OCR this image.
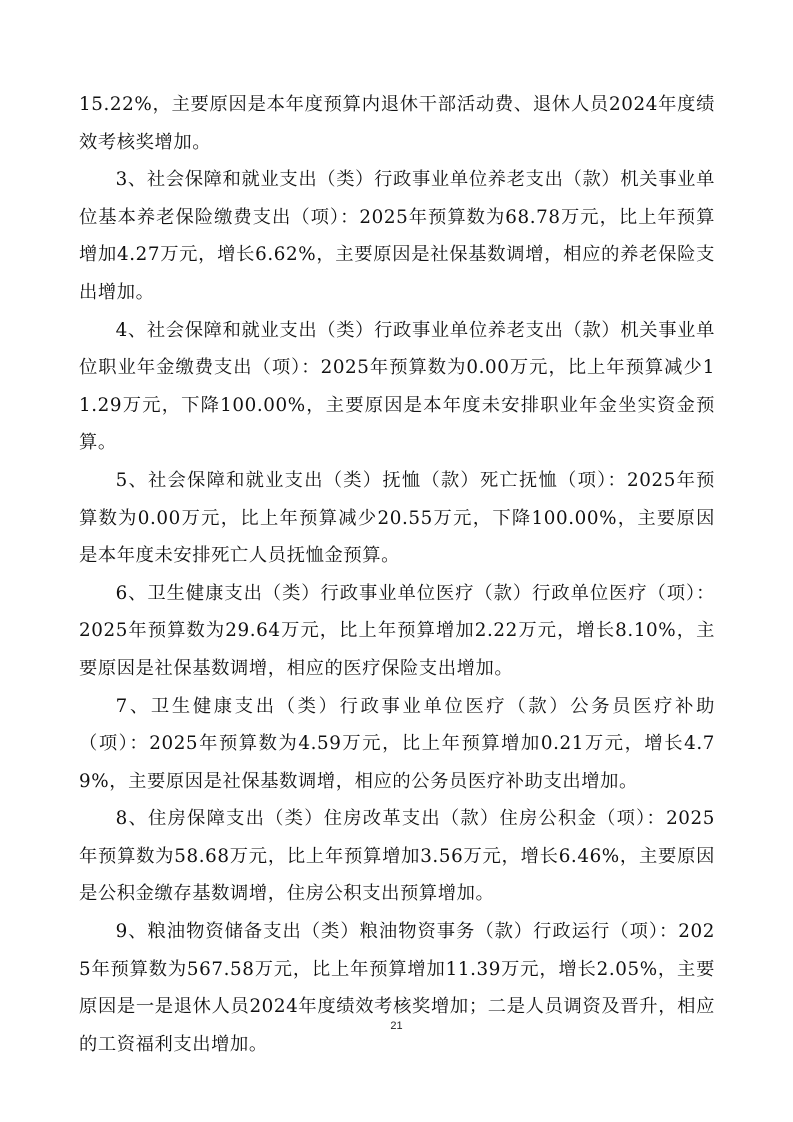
15.22%，主要原因是本年度预算内退休干部活动费、退休人员2024年度绩效考核奖增加。

3、社会保障和就业支出（类）行政事业单位养老支出（款）机关事业单位基本养老保险缴费支出（项）：2025年预算数为68.78万元，比上年预算增加4.27万元，增长6.62%，主要原因是社保基数调增，相应的养老保险支出增加。

4、社会保障和就业支出（类）行政事业单位养老支出（款）机关事业单位职业年金缴费支出（项）：2025年预算数为0.00万元，比上年预算减少11.29万元，下降100.00%，主要原因是本年度未安排职业年金坐实资金预算。

5、社会保障和就业支出（类）抚恤（款）死亡抚恤（项）：2025年预算数为0.00万元，比上年预算减少20.55万元，下降100.00%，主要原因是本年度未安排死亡人员抚恤金预算。

6、卫生健康支出（类）行政事业单位医疗（款）行政单位医疗（项）：2025年预算数为29.64万元，比上年预算增加2.22万元，增长8.10%，主要原因是社保基数调增，相应的医疗保险支出增加。

7、卫生健康支出（类）行政事业单位医疗（款）公务员医疗补助（项）：2025年预算数为4.59万元，比上年预算增加0.21万元，增长4.79%，主要原因是社保基数调增，相应的公务员医疗补助支出增加。

8、住房保障支出（类）住房改革支出（款）住房公积金（项）：2025年预算数为58.68万元，比上年预算增加3.56万元，增长6.46%，主要原因是公积金缴存基数调增，住房公积支出预算增加。

9、粮油物资储备支出（类）粮油物资事务（款）行政运行（项）：2025年预算数为567.58万元，比上年预算增加11.39万元，增长2.05%，主要原因是一是退休人员2024年度绩效考核奖增加；二是人员调资及晋升，相应的工资福利支出增加。

21
